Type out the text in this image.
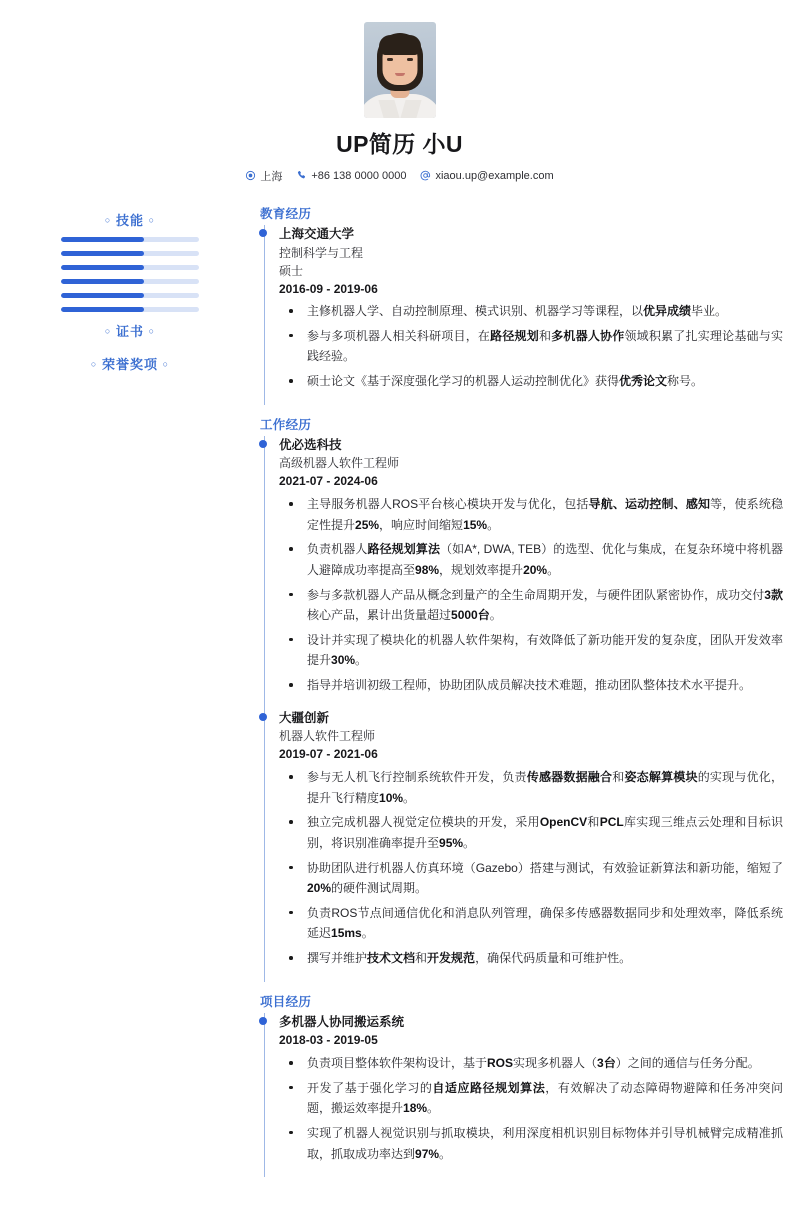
UP简历 小U
上海	+86 138 0000 0000	xiaou.up@example.com
○ 技能 ○
○ 证书 ○
○ 荣誉奖项 ○
教育经历
上海交通大学
控制科学与工程
硕士
2016-09 - 2019-06
主修机器人学、自动控制原理、模式识别、机器学习等课程，以优异成绩毕业。
参与多项机器人相关科研项目，在路径规划和多机器人协作领域积累了扎实理论基础与实践经验。
硕士论文《基于深度强化学习的机器人运动控制优化》获得优秀论文称号。
工作经历
优必选科技
高级机器人软件工程师
2021-07 - 2024-06
主导服务机器人ROS平台核心模块开发与优化，包括导航、运动控制、感知等，使系统稳定性提升25%，响应时间缩短15%。
负责机器人路径规划算法（如A*, DWA, TEB）的选型、优化与集成，在复杂环境中将机器人避障成功率提高至98%，规划效率提升20%。
参与多款机器人产品从概念到量产的全生命周期开发，与硬件团队紧密协作，成功交付3款核心产品，累计出货量超过5000台。
设计并实现了模块化的机器人软件架构，有效降低了新功能开发的复杂度，团队开发效率提升30%。
指导并培训初级工程师，协助团队成员解决技术难题，推动团队整体技术水平提升。
大疆创新
机器人软件工程师
2019-07 - 2021-06
参与无人机飞行控制系统软件开发，负责传感器数据融合和姿态解算模块的实现与优化，提升飞行精度10%。
独立完成机器人视觉定位模块的开发，采用OpenCV和PCL库实现三维点云处理和目标识别，将识别准确率提升至95%。
协助团队进行机器人仿真环境（Gazebo）搭建与测试，有效验证新算法和新功能，缩短了20%的硬件测试周期。
负责ROS节点间通信优化和消息队列管理，确保多传感器数据同步和处理效率，降低系统延迟15ms。
撰写并维护技术文档和开发规范，确保代码质量和可维护性。
项目经历
多机器人协同搬运系统
2018-03 - 2019-05
负责项目整体软件架构设计，基于ROS实现多机器人（3台）之间的通信与任务分配。
开发了基于强化学习的自适应路径规划算法，有效解决了动态障碍物避障和任务冲突问题，搬运效率提升18%。
实现了机器人视觉识别与抓取模块，利用深度相机识别目标物体并引导机械臂完成精准抓取，抓取成功率达到97%。
